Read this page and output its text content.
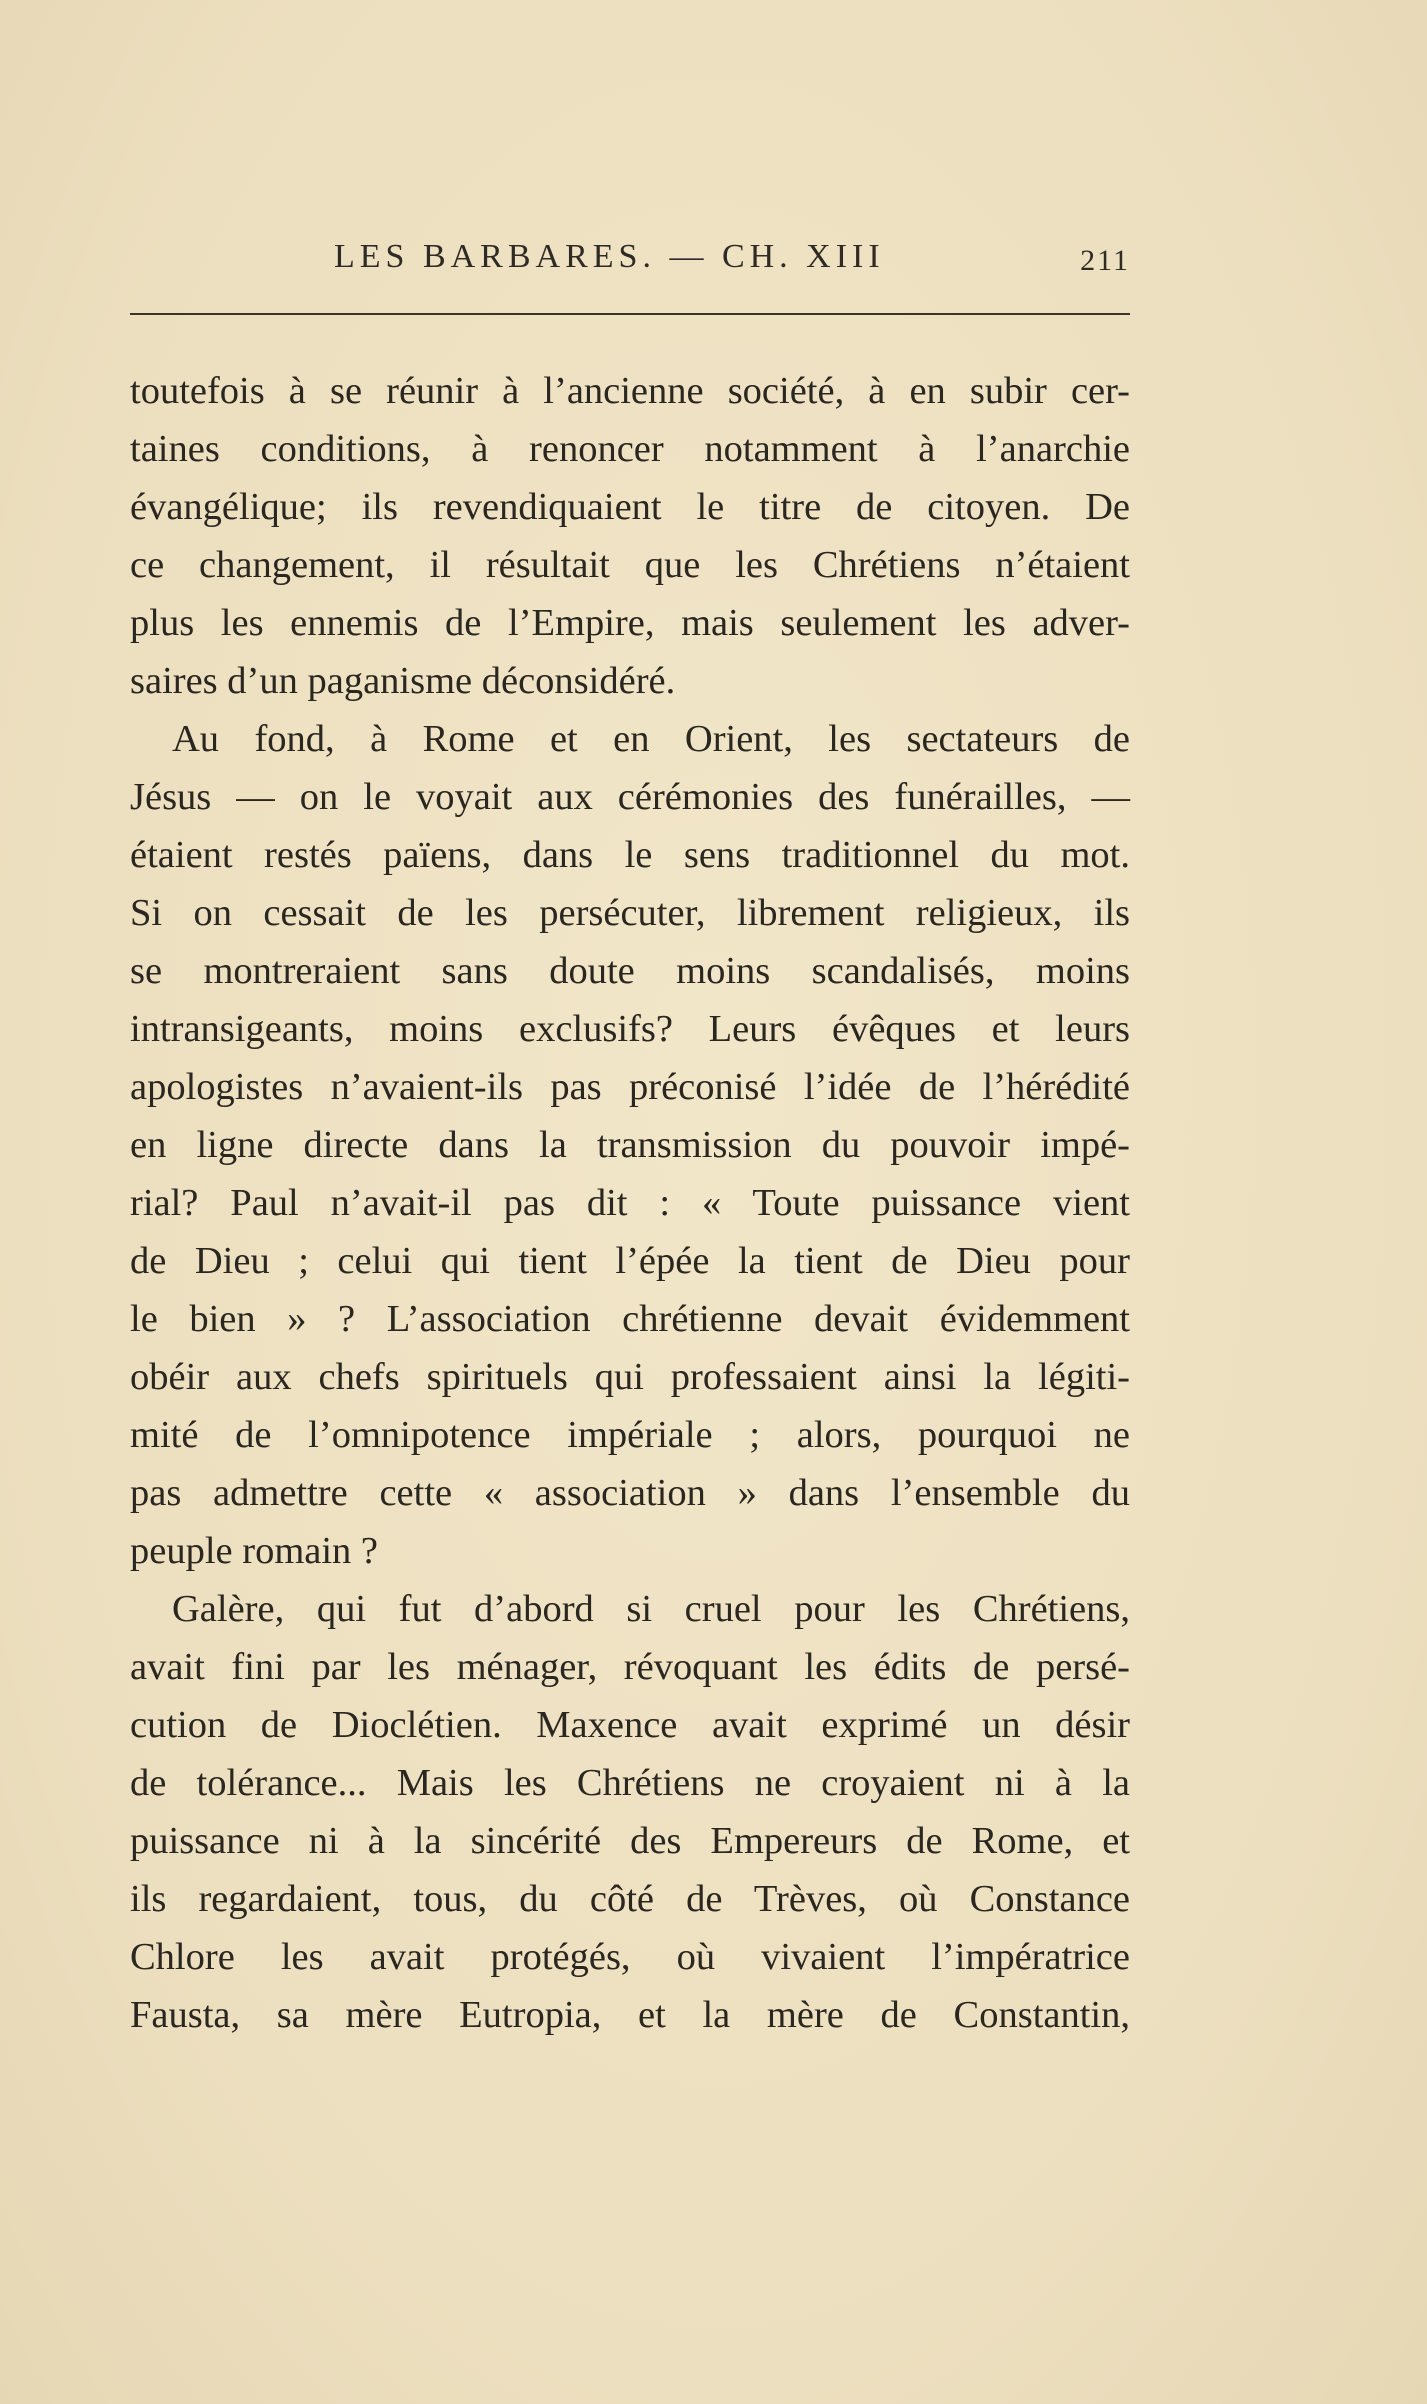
LES BARBARES. — CH. XIII	211
toutefois à se réunir à l’ancienne société, à en subir cer-
taines conditions, à renoncer notamment à l’anarchie
évangélique; ils revendiquaient le titre de citoyen. De
ce changement, il résultait que les Chrétiens n’étaient
plus les ennemis de l’Empire, mais seulement les adver-
saires d’un paganisme déconsidéré.
Au fond, à Rome et en Orient, les sectateurs de
Jésus — on le voyait aux cérémonies des funérailles, —
étaient restés païens, dans le sens traditionnel du mot.
Si on cessait de les persécuter, librement religieux, ils
se montreraient sans doute moins scandalisés, moins
intransigeants, moins exclusifs? Leurs évêques et leurs
apologistes n’avaient-ils pas préconisé l’idée de l’hérédité
en ligne directe dans la transmission du pouvoir impé-
rial? Paul n’avait-il pas dit : « Toute puissance vient
de Dieu ; celui qui tient l’épée la tient de Dieu pour
le bien » ? L’association chrétienne devait évidemment
obéir aux chefs spirituels qui professaient ainsi la légiti-
mité de l’omnipotence impériale ; alors, pourquoi ne
pas admettre cette « association » dans l’ensemble du
peuple romain ?
Galère, qui fut d’abord si cruel pour les Chrétiens,
avait fini par les ménager, révoquant les édits de persé-
cution de Dioclétien. Maxence avait exprimé un désir
de tolérance... Mais les Chrétiens ne croyaient ni à la
puissance ni à la sincérité des Empereurs de Rome, et
ils regardaient, tous, du côté de Trèves, où Constance
Chlore les avait protégés, où vivaient l’impératrice
Fausta, sa mère Eutropia, et la mère de Constantin,
